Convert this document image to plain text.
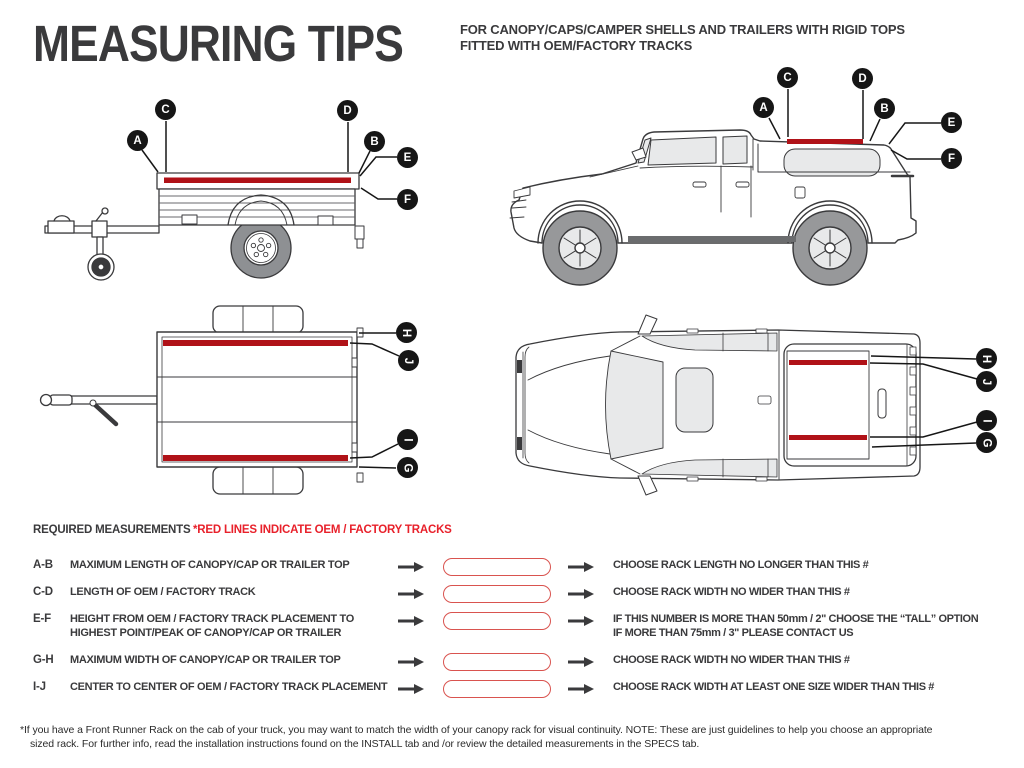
MEASURING TIPS	FOR CANOPY/CAPS/CAMPER SHELLS AND TRAILERS WITH RIGID TOPS
FITTED WITH OEM/FACTORY TRACKS
A
C	D
B
E
F
A
C	D
B
E
F
H
J
I
G
H
J
I
G
REQUIRED MEASUREMENTS *RED LINES INDICATE OEM / FACTORY TRACKS
A-B	MAXIMUM LENGTH OF CANOPY/CAP OR TRAILER TOP	CHOOSE RACK LENGTH NO LONGER THAN THIS #
C-D	LENGTH OF OEM / FACTORY TRACK	CHOOSE RACK WIDTH NO WIDER THAN THIS #
E-F	HEIGHT FROM OEM / FACTORY TRACK PLACEMENT TO
HIGHEST POINT/PEAK OF CANOPY/CAP OR TRAILER
IF THIS NUMBER IS MORE THAN 50mm / 2" CHOOSE THE “TALL” OPTION
IF MORE THAN 75mm / 3" PLEASE CONTACT US
G-H	MAXIMUM WIDTH OF CANOPY/CAP OR TRAILER TOP	CHOOSE RACK WIDTH NO WIDER THAN THIS #
I-J	CENTER TO CENTER OF OEM / FACTORY TRACK PLACEMENT	CHOOSE RACK WIDTH AT LEAST ONE SIZE WIDER THAN THIS #
*If you have a Front Runner Rack on the cab of your truck, you may want to match the width of your canopy rack for visual continuity. NOTE: These are just guidelines to help you choose an appropriate
sized rack. For further info, read the installation instructions found on the INSTALL tab and /or review the detailed measurements in the SPECS tab.
